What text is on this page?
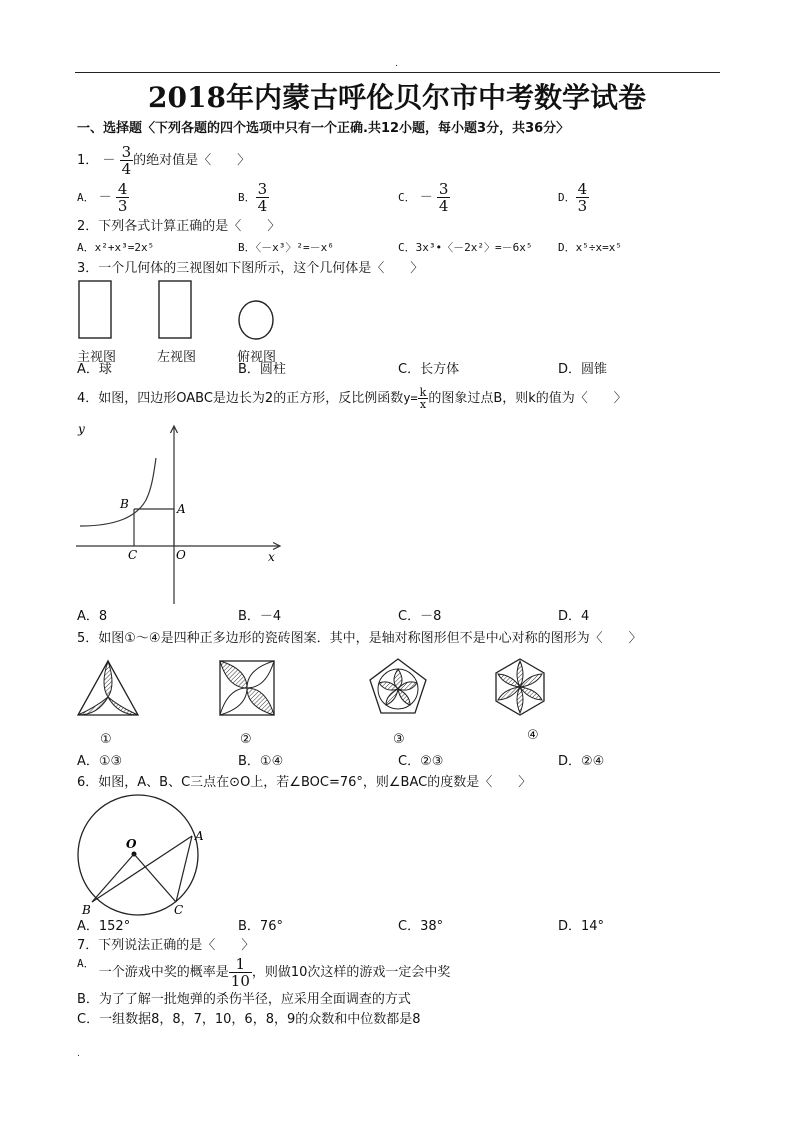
.
2018年内蒙古呼伦贝尔市中考数学试卷
一、选择题〈下列各题的四个选项中只有一个正确.共12小题，每小题3分，共36分〉
1． － $\frac{3}{4}$ 的绝对值是〈　　〉
A． － $\frac{4}{3}$	B． $\frac{3}{4}$	C． － $\frac{3}{4}$	D． $\frac{4}{3}$
2．下列各式计算正确的是〈　　〉
A．x²+x³=2x⁵	B．〈－x³〉²=－x⁶	C．3x³•〈－2x²〉=－6x⁵ D．x⁵÷x=x⁵
3．一个几何体的三视图如下图所示，这个几何体是〈　　〉
主视图	左视图	俯视图
A．球	B．圆柱	C．长方体	D．圆锥
4．如图，四边形OABC是边长为2的正方形，反比例函数$y= \frac{k}{x}$ 的图象过点B，则k的值为〈　　〉
y
x
B	A
C	O
A．8	B．－4	C．－8	D．4
5．如图①～④是四种正多边形的瓷砖图案．其中，是轴对称图形但不是中心对称的图形为〈　　〉
①	②	③	④
A．①③	B．①④	C．②③	D．②④
6．如图，A、B、C三点在⊙O上，若∠BOC=76°，则∠BAC的度数是〈　　〉
O
A
B	C
A．152°	B．76°	C．38°	D．14°
7．下列说法正确的是〈　　〉
$^{A.}$ 一个游戏中奖的概率是 $\frac{1}{10}$ ，则做10次这样的游戏一定会中奖
B．为了了解一批炮弹的杀伤半径，应采用全面调查的方式
C．一组数据8，8，7，10，6，8，9的众数和中位数都是8
.
